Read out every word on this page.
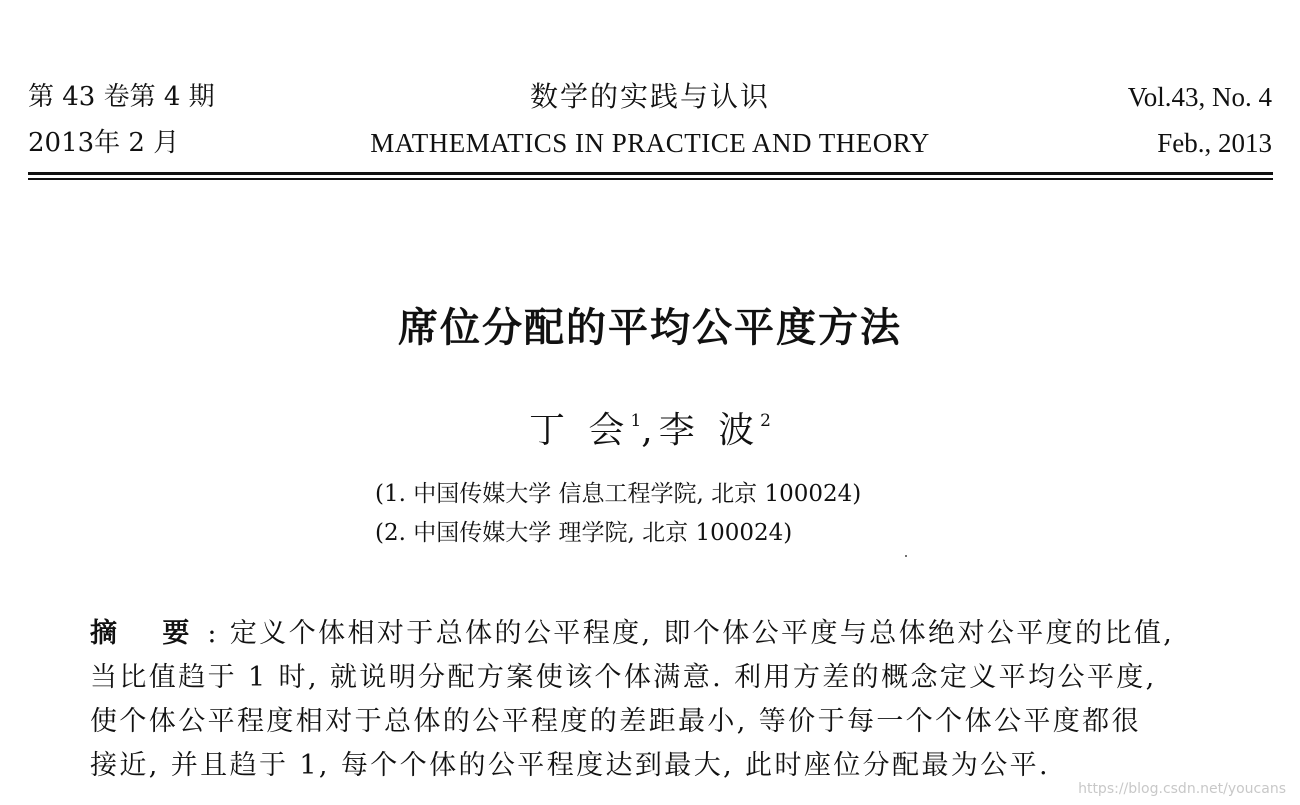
第 43 卷第 4 期	数学的实践与认识	Vol.43, No. 4
2013年 2 月	MATHEMATICS IN PRACTICE AND THEORY	Feb., 2013
席位分配的平均公平度方法
丁 会$^1$,李 波$^2$
(1. 中国传媒大学 信息工程学院, 北京 100024)
(2. 中国传媒大学 理学院, 北京 100024)
摘 要: 定义个体相对于总体的公平程度, 即个体公平度与总体绝对公平度的比值,
当比值趋于 1 时, 就说明分配方案使该个体满意. 利用方差的概念定义平均公平度,
使个体公平程度相对于总体的公平程度的差距最小, 等价于每一个个体公平度都很
接近, 并且趋于 1, 每个个体的公平程度达到最大, 此时座位分配最为公平.
https://blog.csdn.net/youcans
